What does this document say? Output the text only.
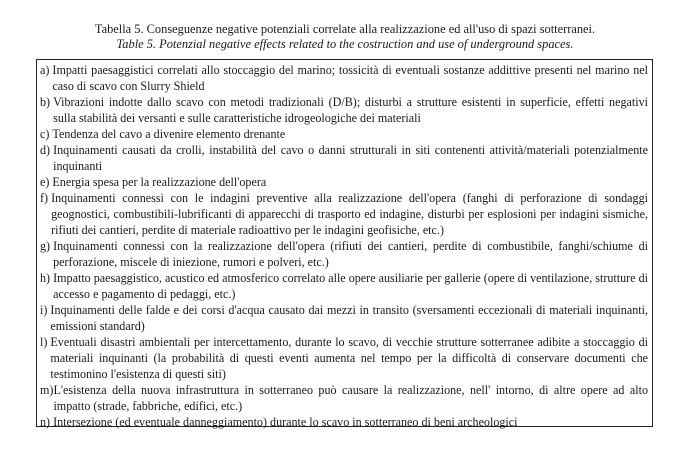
Tabella 5. Conseguenze negative potenziali correlate alla realizzazione ed all'uso di spazi sotterranei.
Table 5. Potenzial negative effects related to the costruction and use of underground spaces.
a) Impatti paesaggistici correlati allo stoccaggio del marino; tossicità di eventuali sostanze addittive presenti nel marino nel caso di scavo con Slurry Shield
b) Vibrazioni indotte dallo scavo con metodi tradizionali (D/B); disturbi a strutture esistenti in superficie, effetti negativi sulla stabilità dei versanti e sulle caratteristiche idrogeologiche dei materiali
c) Tendenza del cavo a divenire elemento drenante
d) Inquinamenti causati da crolli, instabilità del cavo o danni strutturali in siti contenenti attività/materiali potenzialmente inquinanti
e) Energia spesa per la realizzazione dell'opera
f) Inquinamenti connessi con le indagini preventive alla realizzazione dell'opera (fanghi di perforazione di sondaggi geognostici, combustibili-lubrificanti di apparecchi di trasporto ed indagine, disturbi per esplosioni per indagini sismiche, rifiuti dei cantieri, perdite di materiale radioattivo per le indagini geofisiche, etc.)
g) Inquinamenti connessi con la realizzazione dell'opera (rifiuti dei cantieri, perdite di combustibile, fanghi/schiume di perforazione, miscele di iniezione, rumori e polveri, etc.)
h) Impatto paesaggistico, acustico ed atmosferico correlato alle opere ausiliarie per gallerie (opere di ventilazione, strutture di accesso e pagamento di pedaggi, etc.)
i) Inquinamenti delle falde e dei corsi d'acqua causato dai mezzi in transito (sversamenti eccezionali di materiali inquinanti, emissioni standard)
l) Eventuali disastri ambientali per intercettamento, durante lo scavo, di vecchie strutture sotterranee adibite a stoccaggio di materiali inquinanti (la probabilità di questi eventi aumenta nel tempo per la difficoltà di conservare documenti che testimonino l'esistenza di questi siti)
m) L'esistenza della nuova infrastruttura in sotterraneo può causare la realizzazione, nell' intorno, di altre opere ad alto impatto (strade, fabbriche, edifici, etc.)
n) Intersezione (ed eventuale danneggiamento) durante lo scavo in sotterraneo di beni archeologici
